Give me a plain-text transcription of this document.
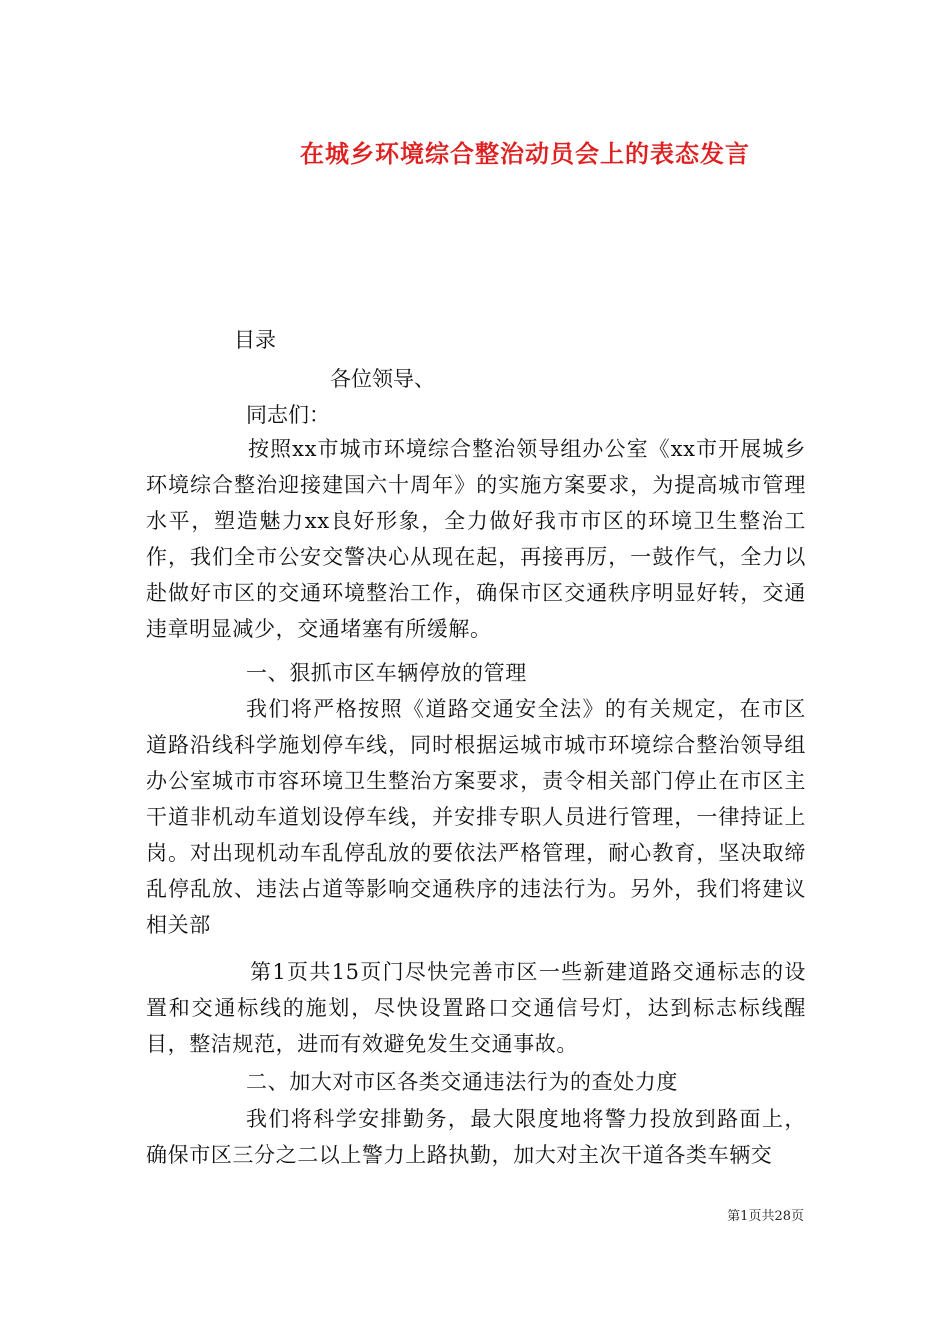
在城乡环境综合整治动员会上的表态发言
目录
各位领导、
同志们：
按照xx市城市环境综合整治领导组办公室《xx市开展城乡环境综合整治迎接建国六十周年》的实施方案要求，为提高城市管理水平，塑造魅力xx良好形象，全力做好我市市区的环境卫生整治工作，我们全市公安交警决心从现在起，再接再厉，一鼓作气，全力以赴做好市区的交通环境整治工作，确保市区交通秩序明显好转，交通违章明显减少，交通堵塞有所缓解。
一、狠抓市区车辆停放的管理
我们将严格按照《道路交通安全法》的有关规定，在市区道路沿线科学施划停车线，同时根据运城市城市环境综合整治领导组办公室城市市容环境卫生整治方案要求，责令相关部门停止在市区主干道非机动车道划设停车线，并安排专职人员进行管理，一律持证上岗。对出现机动车乱停乱放的要依法严格管理，耐心教育，坚决取缔乱停乱放、违法占道等影响交通秩序的违法行为。另外，我们将建议相关部
第1页共15页门尽快完善市区一些新建道路交通标志的设置和交通标线的施划，尽快设置路口交通信号灯，达到标志标线醒目，整洁规范，进而有效避免发生交通事故。
二、加大对市区各类交通违法行为的查处力度
我们将科学安排勤务，最大限度地将警力投放到路面上，确保市区三分之二以上警力上路执勤，加大对主次干道各类车辆交
第1页共28页
